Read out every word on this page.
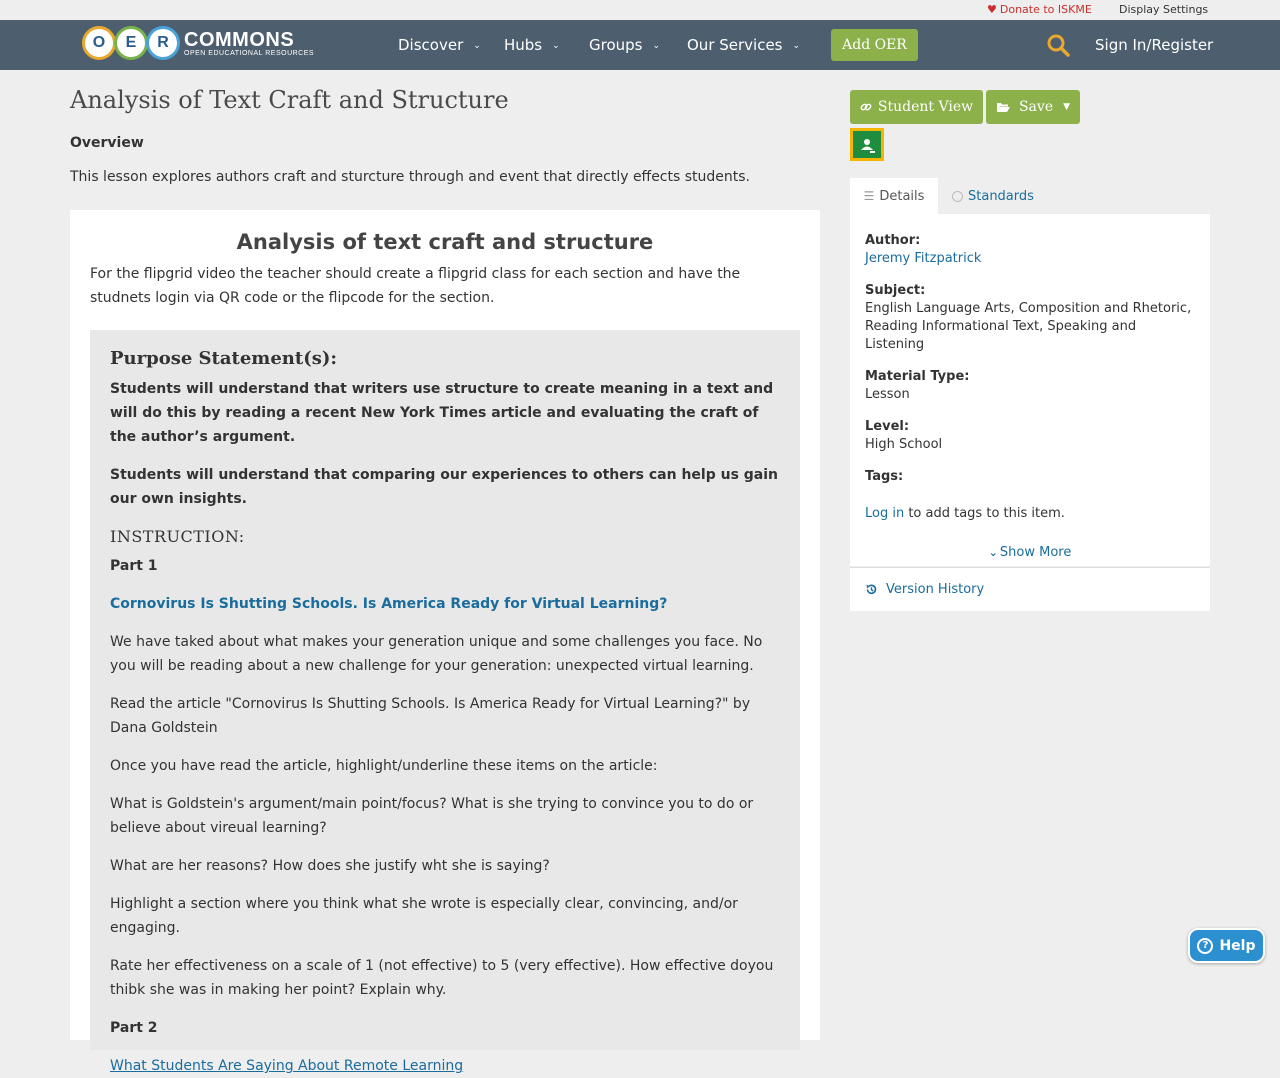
♥ Donate to ISKME Display Settings
O	E	R COMMONS
OPEN EDUCATIONAL RESOURCES	Discover ⌄ Hubs ⌄ Groups ⌄ Our Services ⌄	Add OER	Sign In/Register
Analysis of Text Craft and Structure
Overview
This lesson explores authors craft and sturcture through and event that directly effects students.
Analysis of text craft and structure
For the flipgrid video the teacher should create a flipgrid class for each section and have the studnets login via QR code or the flipcode for the section.
Purpose Statement(s):
Students will understand that writers use structure to create meaning in a text and will do this by reading a recent New York Times article and evaluating the craft of the author’s argument.
Students will understand that comparing our experiences to others can help us gain our own insights.
INSTRUCTION:
Part 1
Cornovirus Is Shutting Schools. Is America Ready for Virtual Learning?
We have taked about what makes your generation unique and some challenges you face. No you will be reading about a new challenge for your generation: unexpected virtual learning.
Read the article "Cornovirus Is Shutting Schools. Is America Ready for Virtual Learning?" by Dana Goldstein
Once you have read the article, highlight/underline these items on the article:
What is Goldstein's argument/main point/focus? What is she trying to convince you to do or believe about vireual learning?
What are her reasons? How does she justify wht she is saying?
Highlight a section where you think what she wrote is especially clear, convincing, and/or engaging.
Rate her effectiveness on a scale of 1 (not effective) to 5 (very effective). How effective doyou thibk she was in making her point? Explain why.
Part 2
What Students Are Saying About Remote Learning
Student View	Save ▼
☰ Details	Standards
Author:
Jeremy Fitzpatrick
Subject:
English Language Arts, Composition and Rhetoric, Reading Informational Text, Speaking and Listening
Material Type:
Lesson
Level:
High School
Tags:
Log in to add tags to this item.
⌄ Show More
Version History
? Help
